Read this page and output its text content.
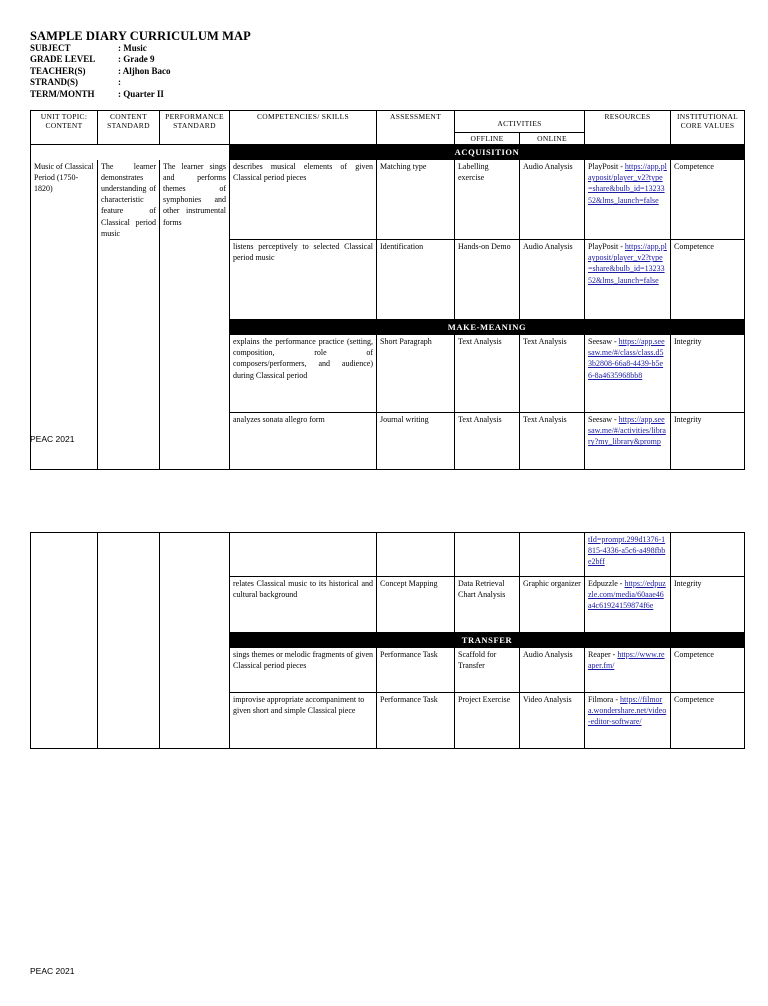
SAMPLE DIARY CURRICULUM MAP
SUBJECT	: Music
GRADE LEVEL	: Grade 9
TEACHER(S)	: Aljhon Baco
STRAND(S)	:
TERM/MONTH	: Quarter II
UNIT TOPIC: CONTENT	CONTENT STANDARD	PERFORMANCE STANDARD	COMPETENCIES/ SKILLS	ASSESSMENT	ACTIVITIES		RESOURCES	INSTITUTIONAL CORE VALUES
					OFFLINE	ONLINE		
			ACQUISITION					
Music of Classical Period (1750-1820)	The learner demonstrates understanding of characteristic feature of Classical period music	The learner sings and performs themes of symphonies and other instrumental forms	describes musical elements of given Classical period pieces	Matching type	Labelling exercise	Audio Analysis	PlayPosit - https://app.playposit/player_v2?type=share&bulb_id=1323352&lms_launch=false	Competence
			listens perceptively to selected Classical period music	Identification	Hands-on Demo	Audio Analysis	PlayPosit - https://app.playposit/player_v2?type=share&bulb_id=1323352&lms_launch=false	Competence
			MAKE-MEANING					
			explains the performance practice (setting, composition, role of composers/performers, and audience) during Classical period	Short Paragraph	Text Analysis	Text Analysis	Seesaw - https://app.seesaw.me/#/class/class.d53b2808-66a8-4439-b5e6-8a4635968bb8	Integrity
			analyzes sonata allegro form	Journal writing	Text Analysis	Text Analysis	Seesaw - https://app.seesaw.me/#/activities/library?my_library&promp	Integrity
PEAC 2021
							tId=prompt.299d1376-1815-4336-a5c6-a498fbbe2bff	
			relates Classical music to its historical and cultural background	Concept Mapping	Data Retrieval Chart Analysis	Graphic organizer	Edpuzzle - https://edpuzzle.com/media/60aae46a4c61924159874f6e	Integrity
			TRANSFER					
			sings themes or melodic fragments of given Classical period pieces	Performance Task	Scaffold for Transfer	Audio Analysis	Reaper - https://www.reaper.fm/	Competence
			improvise appropriate accompaniment to given short and simple Classical piece	Performance Task	Project Exercise	Video Analysis	Filmora - https://filmora.wondershare.net/video-editor-software/	Competence
PEAC 2021
